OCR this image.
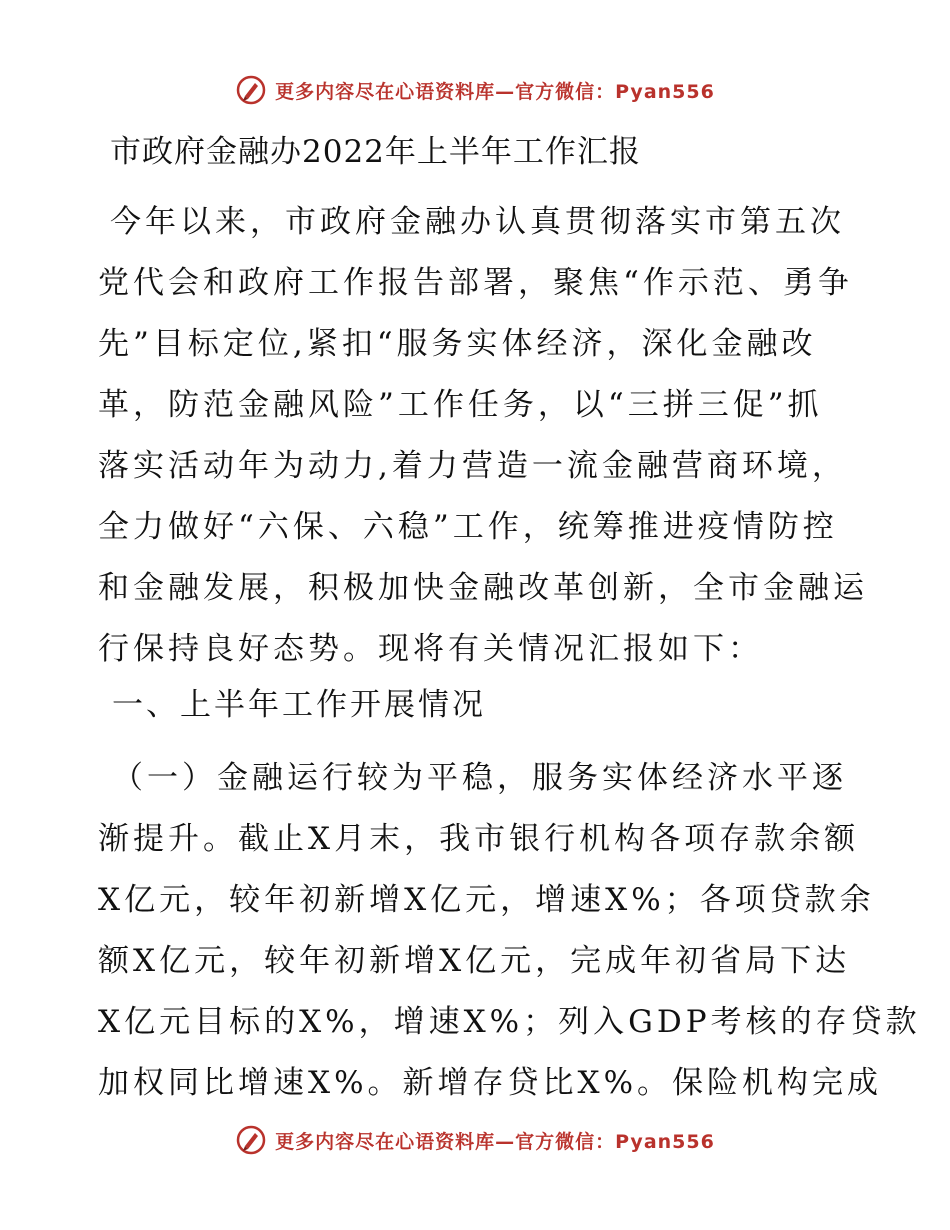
更多内容尽在心语资料库—官方微信：Pyan556
市政府金融办2022年上半年工作汇报
今年以来，市政府金融办认真贯彻落实市第五次
党代会和政府工作报告部署，聚焦“作示范、勇争
先”目标定位,紧扣“服务实体经济，深化金融改
革，防范金融风险”工作任务，以“三拼三促”抓
落实活动年为动力,着力营造一流金融营商环境，
全力做好“六保、六稳”工作，统筹推进疫情防控
和金融发展，积极加快金融改革创新，全市金融运
行保持良好态势。现将有关情况汇报如下：
一、上半年工作开展情况
（一）金融运行较为平稳，服务实体经济水平逐
渐提升。截止X月末，我市银行机构各项存款余额
X亿元，较年初新增X亿元，增速X%；各项贷款余
额X亿元，较年初新增X亿元，完成年初省局下达
X亿元目标的X%，增速X%；列入GDP考核的存贷款
加权同比增速X%。新增存贷比X%。保险机构完成
更多内容尽在心语资料库—官方微信：Pyan556
